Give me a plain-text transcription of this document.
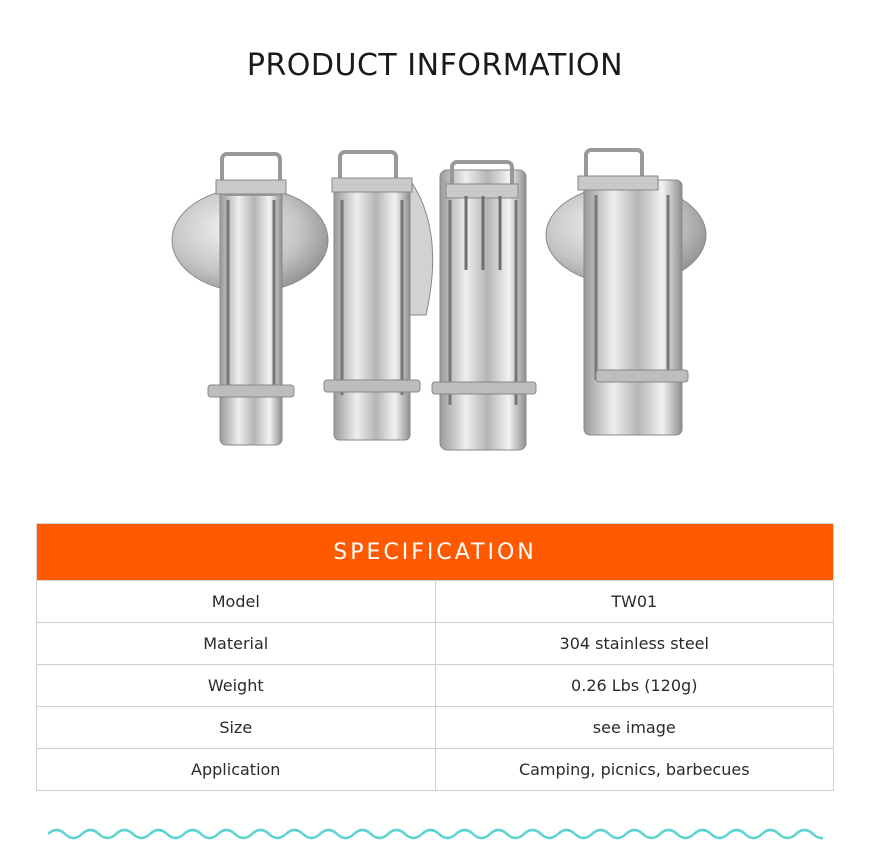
PRODUCT INFORMATION
SPECIFICATION	
Model	TW01
Material	304 stainless steel
Weight	0.26 Lbs (120g)
Size	see image
Application	Camping, picnics, barbecues
